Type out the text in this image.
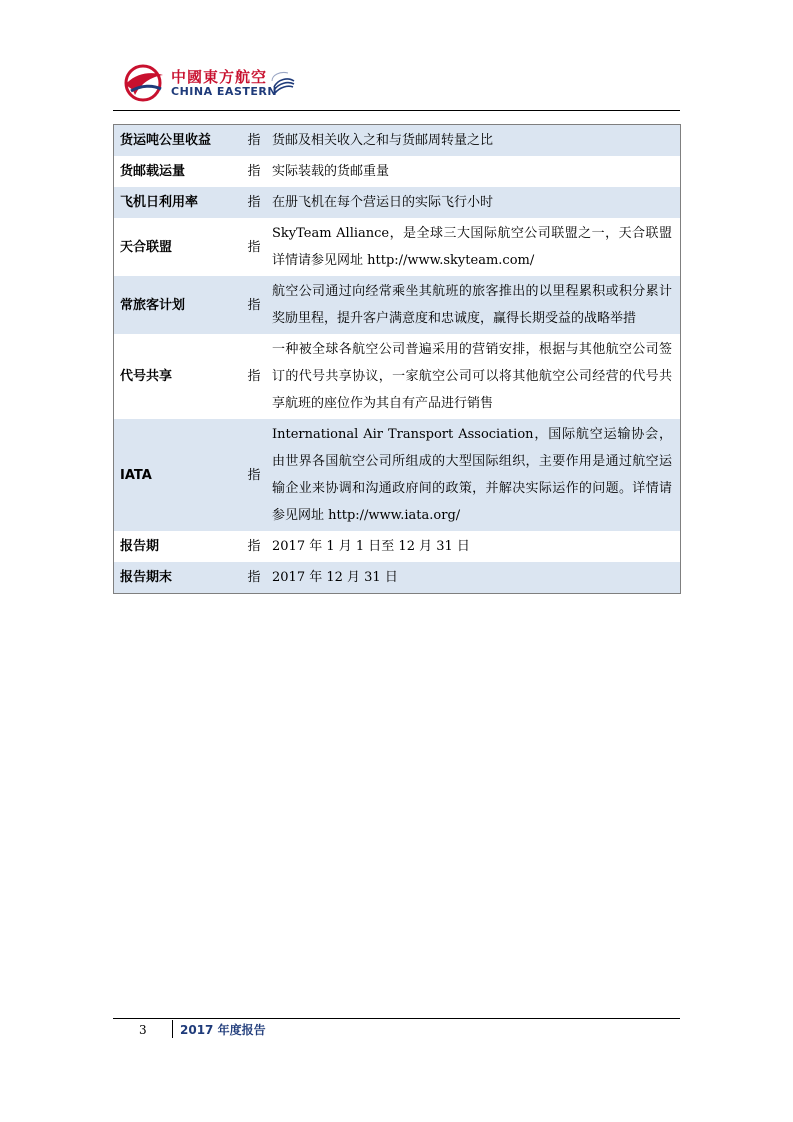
中國東方航空
CHINA EASTERN
货运吨公里收益	指	货邮及相关收入之和与货邮周转量之比
货邮载运量	指	实际装载的货邮重量
飞机日利用率	指	在册飞机在每个营运日的实际飞行小时
天合联盟	指	SkyTeam Alliance，是全球三大国际航空公司联盟之一，天合联盟详情请参见网址 http://www.skyteam.com/
常旅客计划	指	航空公司通过向经常乘坐其航班的旅客推出的以里程累积或积分累计奖励里程，提升客户满意度和忠诚度，赢得长期受益的战略举措
代号共享	指	一种被全球各航空公司普遍采用的营销安排，根据与其他航空公司签订的代号共享协议，一家航空公司可以将其他航空公司经营的代号共享航班的座位作为其自有产品进行销售
IATA	指	International Air Transport Association，国际航空运输协会，由世界各国航空公司所组成的大型国际组织，主要作用是通过航空运输企业来协调和沟通政府间的政策，并解决实际运作的问题。详情请参见网址 http://www.iata.org/
报告期	指	2017 年 1 月 1 日至 12 月 31 日
报告期末	指	2017 年 12 月 31 日
3	2017 年度报告
